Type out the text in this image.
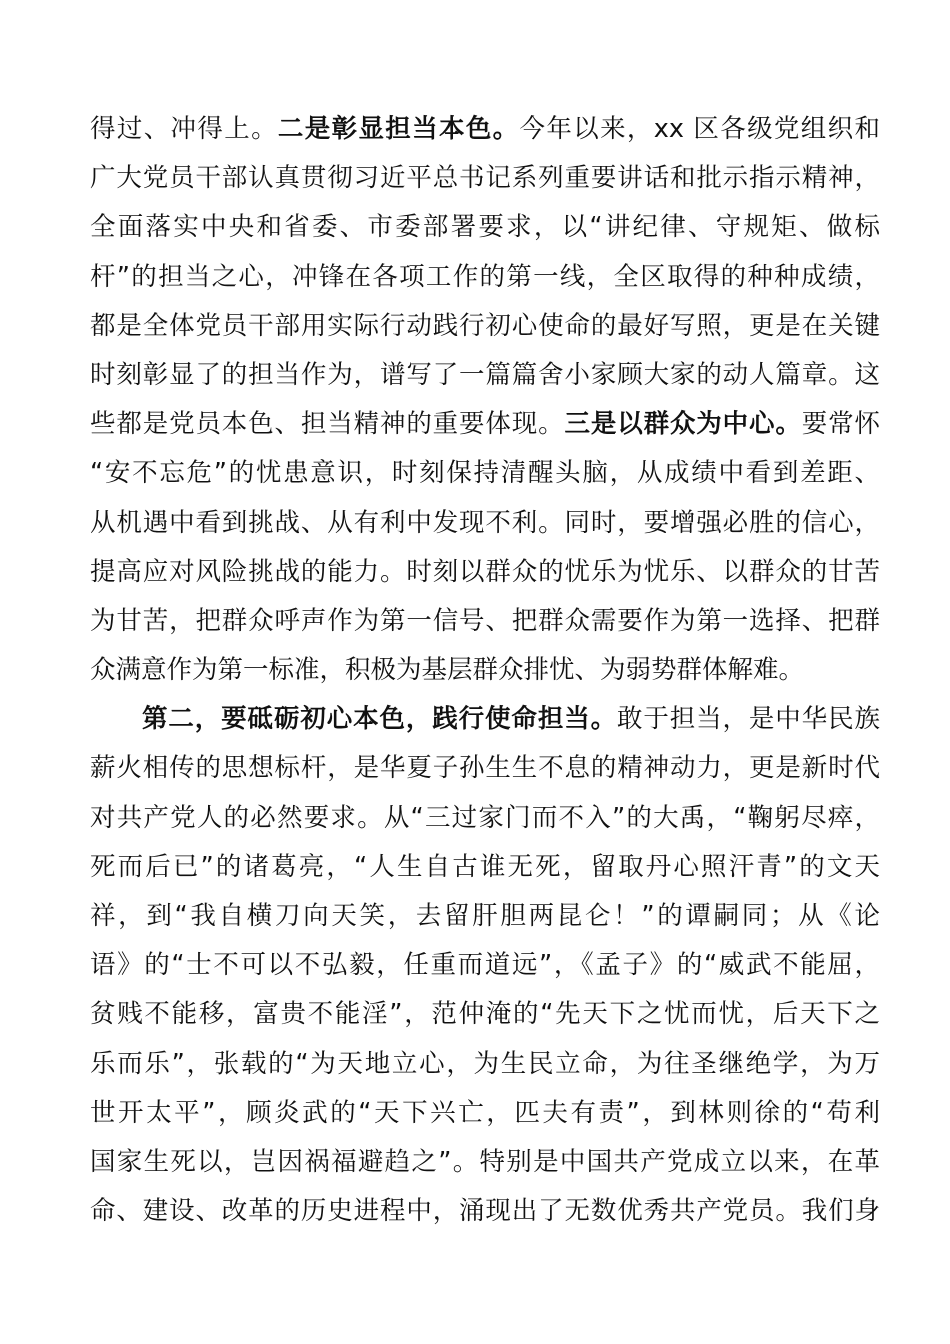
得过、冲得上。二是彰显担当本色。今年以来，xx 区各级党组织和
广大党员干部认真贯彻习近平总书记系列重要讲话和批示指示精神，
全面落实中央和省委、市委部署要求，以“讲纪律、守规矩、做标
杆”的担当之心，冲锋在各项工作的第一线，全区取得的种种成绩，
都是全体党员干部用实际行动践行初心使命的最好写照，更是在关键
时刻彰显了的担当作为，谱写了一篇篇舍小家顾大家的动人篇章。这
些都是党员本色、担当精神的重要体现。三是以群众为中心。要常怀
“安不忘危”的忧患意识，时刻保持清醒头脑，从成绩中看到差距、
从机遇中看到挑战、从有利中发现不利。同时，要增强必胜的信心，
提高应对风险挑战的能力。时刻以群众的忧乐为忧乐、以群众的甘苦
为甘苦，把群众呼声作为第一信号、把群众需要作为第一选择、把群
众满意作为第一标准，积极为基层群众排忧、为弱势群体解难。
第二，要砥砺初心本色，践行使命担当。敢于担当，是中华民族
薪火相传的思想标杆，是华夏子孙生生不息的精神动力，更是新时代
对共产党人的必然要求。从“三过家门而不入”的大禹，“鞠躬尽瘁，
死而后已”的诸葛亮，“人生自古谁无死，留取丹心照汗青”的文天
祥，到“我自横刀向天笑，去留肝胆两昆仑！”的谭嗣同；从《论
语》的“士不可以不弘毅，任重而道远”，《孟子》的“威武不能屈，
贫贱不能移，富贵不能淫”，范仲淹的“先天下之忧而忧，后天下之
乐而乐”，张载的“为天地立心，为生民立命，为往圣继绝学，为万
世开太平”，顾炎武的“天下兴亡，匹夫有责”，到林则徐的“苟利
国家生死以，岂因祸福避趋之”。特别是中国共产党成立以来，在革
命、建设、改革的历史进程中，涌现出了无数优秀共产党员。我们身
